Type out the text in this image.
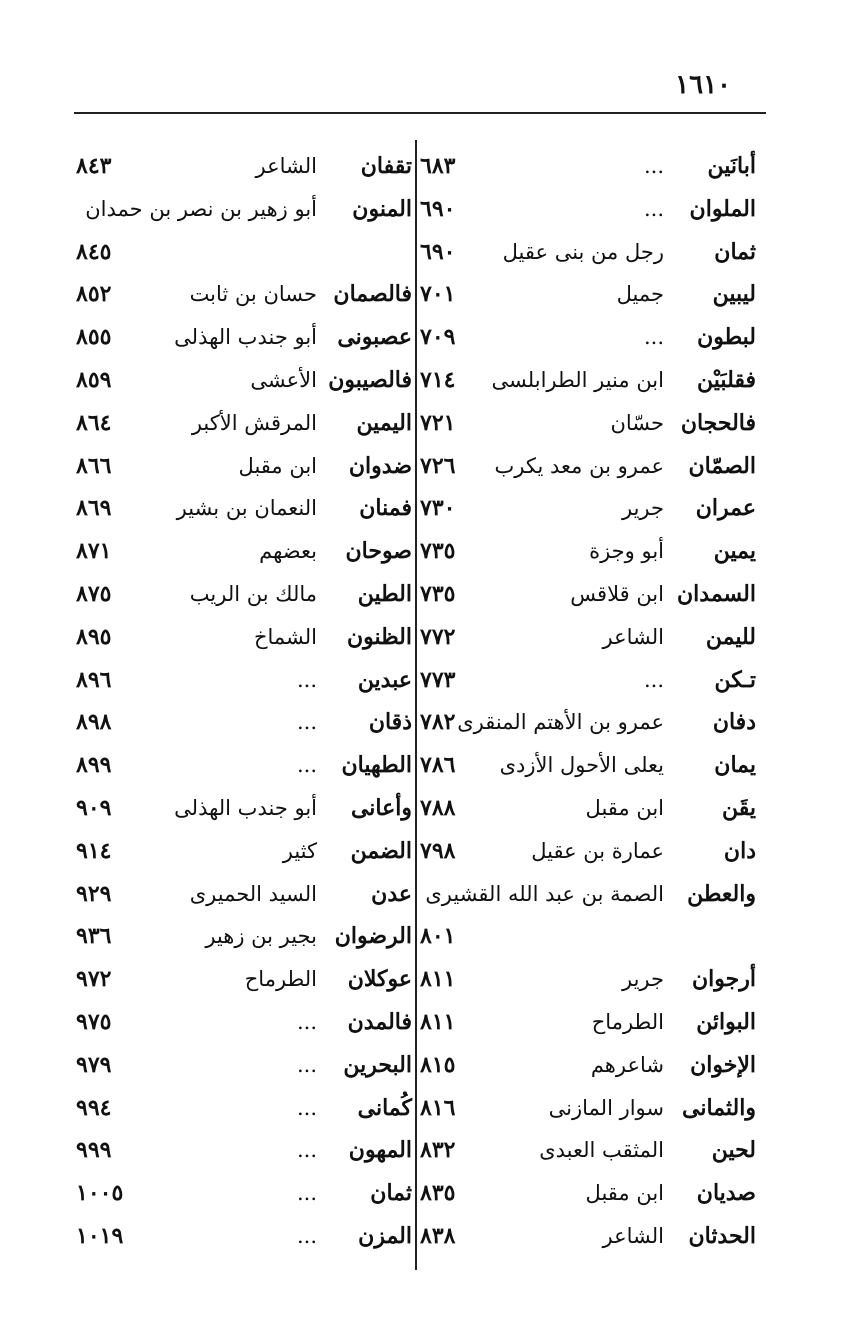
١٦١٠
أبانَين
...
٦٨٣
الملوان
...
٦٩٠
ثمان
رجل من بنى عقيل
٦٩٠
ليبين
جميل
٧٠١
لبطون
...
٧٠٩
فقلبَيْن
ابن منير الطرابلسى
٧١٤
فالحجان
حسّان
٧٢١
الصمّان
عمرو بن معد يكرب
٧٢٦
عمران
جرير
٧٣٠
يمين
أبو وجزة
٧٣٥
السمدان
ابن قلاقس
٧٣٥
لليمن
الشاعر
٧٧٢
تـكن
...
٧٧٣
دفان
عمرو بن الأهتم المنقرى
٧٨٢
يمان
يعلى الأحول الأزدى
٧٨٦
يقَن
ابن مقبل
٧٨٨
دان
عمارة بن عقيل
٧٩٨
والعطن
الصمة بن عبد الله القشيرى
٨٠١
أرجوان
جرير
٨١١
البوائن
الطرماح
٨١١
الإخوان
شاعرهم
٨١٥
والثمانى
سوار المازنى
٨١٦
لحين
المثقب العبدى
٨٣٢
صديان
ابن مقبل
٨٣٥
الحدثان
الشاعر
٨٣٨
تقفان
الشاعر
٨٤٣
المنون
أبو زهير بن نصر بن حمدان
٨٤٥
فالصمان
حسان بن ثابت
٨٥٢
عصبونى
أبو جندب الهذلى
٨٥٥
فالصيبون
الأعشى
٨٥٩
اليمين
المرقش الأكبر
٨٦٤
ضدوان
ابن مقبل
٨٦٦
فمنان
النعمان بن بشير
٨٦٩
صوحان
بعضهم
٨٧١
الطين
مالك بن الريب
٨٧٥
الظنون
الشماخ
٨٩٥
عبدين
...
٨٩٦
ذقان
...
٨٩٨
الطهيان
...
٨٩٩
وأعانى
أبو جندب الهذلى
٩٠٩
الضمن
كثير
٩١٤
عدن
السيد الحميرى
٩٢٩
الرضوان
بجير بن زهير
٩٣٦
عوكلان
الطرماح
٩٧٢
فالمدن
...
٩٧٥
البحرين
...
٩٧٩
كُمانى
...
٩٩٤
المهون
...
٩٩٩
ثمان
...
١٠٠٥
المزن
...
١٠١٩
